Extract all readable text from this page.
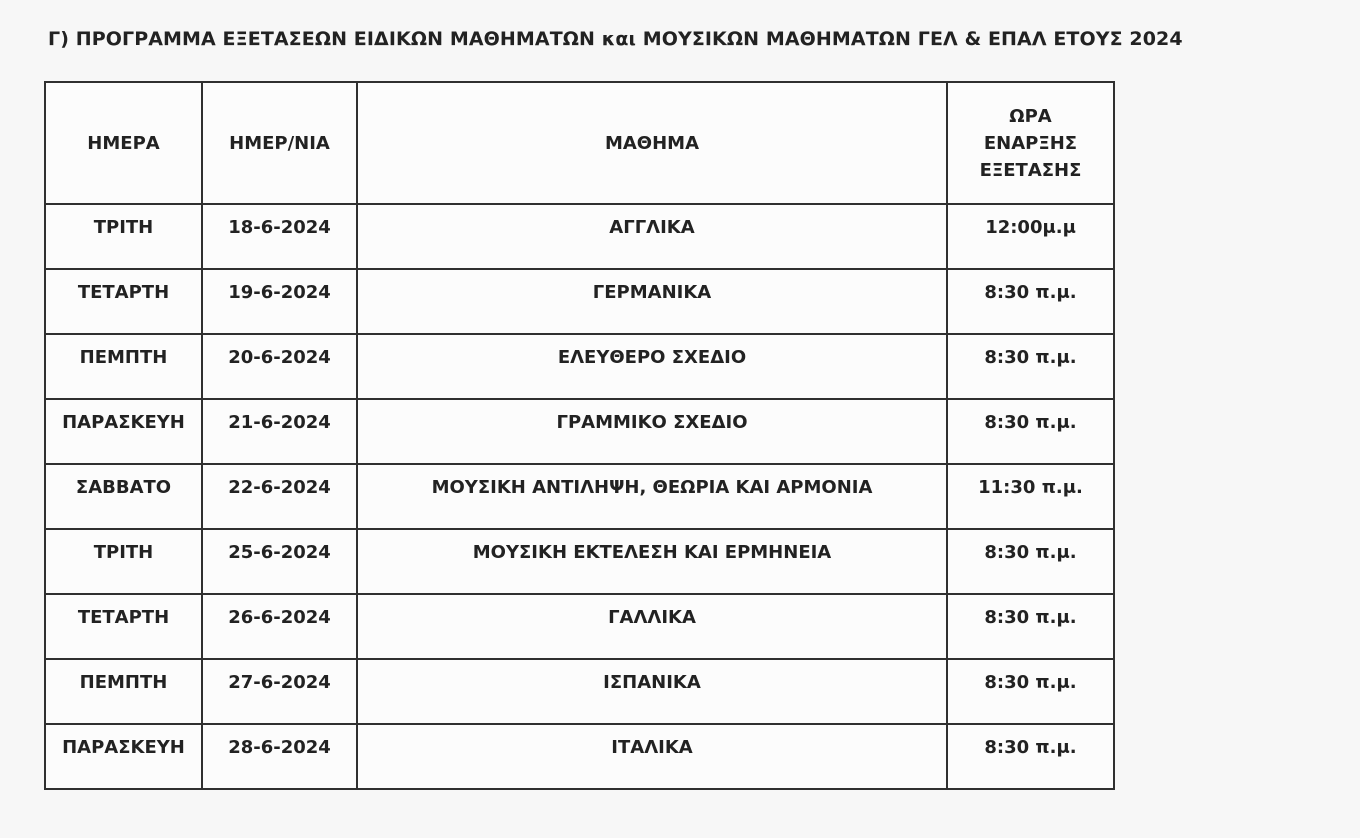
Γ) ΠΡΟΓΡΑΜΜΑ ΕΞΕΤΑΣΕΩΝ ΕΙΔΙΚΩΝ ΜΑΘΗΜΑΤΩΝ και ΜΟΥΣΙΚΩΝ ΜΑΘΗΜΑΤΩΝ ΓΕΛ & ΕΠΑΛ ΕΤΟΥΣ 2024
ΗΜΕΡΑ	ΗΜΕΡ/ΝΙΑ	ΜΑΘΗΜΑ	ΩΡΑ
ΕΝΑΡΞΗΣ
ΕΞΕΤΑΣΗΣ
ΤΡΙΤΗ	18-6-2024	ΑΓΓΛΙΚΑ	12:00μ.μ
ΤΕΤΑΡΤΗ	19-6-2024	ΓΕΡΜΑΝΙΚΑ	8:30 π.μ.
ΠΕΜΠΤΗ	20-6-2024	ΕΛΕΥΘΕΡΟ ΣΧΕΔΙΟ	8:30 π.μ.
ΠΑΡΑΣΚΕΥΗ	21-6-2024	ΓΡΑΜΜΙΚΟ ΣΧΕΔΙΟ	8:30 π.μ.
ΣΑΒΒΑΤΟ	22-6-2024	ΜΟΥΣΙΚΗ ΑΝΤΙΛΗΨΗ, ΘΕΩΡΙΑ ΚΑΙ ΑΡΜΟΝΙΑ	11:30 π.μ.
ΤΡΙΤΗ	25-6-2024	ΜΟΥΣΙΚΗ ΕΚΤΕΛΕΣΗ ΚΑΙ ΕΡΜΗΝΕΙΑ	8:30 π.μ.
ΤΕΤΑΡΤΗ	26-6-2024	ΓΑΛΛΙΚΑ	8:30 π.μ.
ΠΕΜΠΤΗ	27-6-2024	ΙΣΠΑΝΙΚΑ	8:30 π.μ.
ΠΑΡΑΣΚΕΥΗ	28-6-2024	ΙΤΑΛΙΚΑ	8:30 π.μ.
